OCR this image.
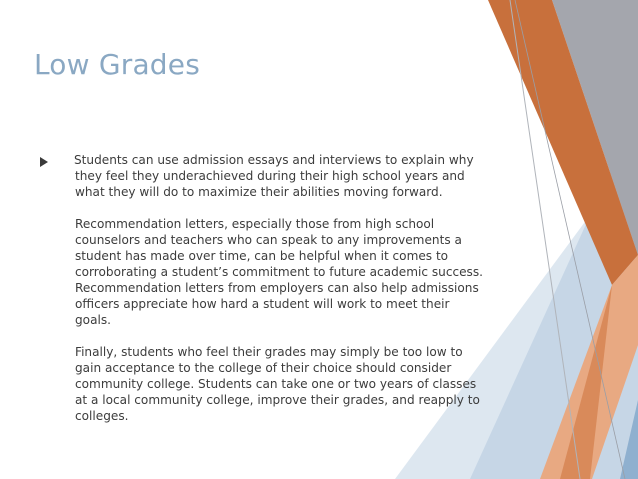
Low Grades

Students can use admission essays and interviews to explain why

they feel they underachieved during their high school years and

what they will do to maximize their abilities moving forward.

Recommendation letters, especially those from high school

counselors and teachers who can speak to any improvements a

student has made over time, can be helpful when it comes to

corroborating a student’s commitment to future academic success.

Recommendation letters from employers can also help admissions

officers appreciate how hard a student will work to meet their

goals.

Finally, students who feel their grades may simply be too low to

gain acceptance to the college of their choice should consider

community college. Students can take one or two years of classes

at a local community college, improve their grades, and reapply to

colleges.
